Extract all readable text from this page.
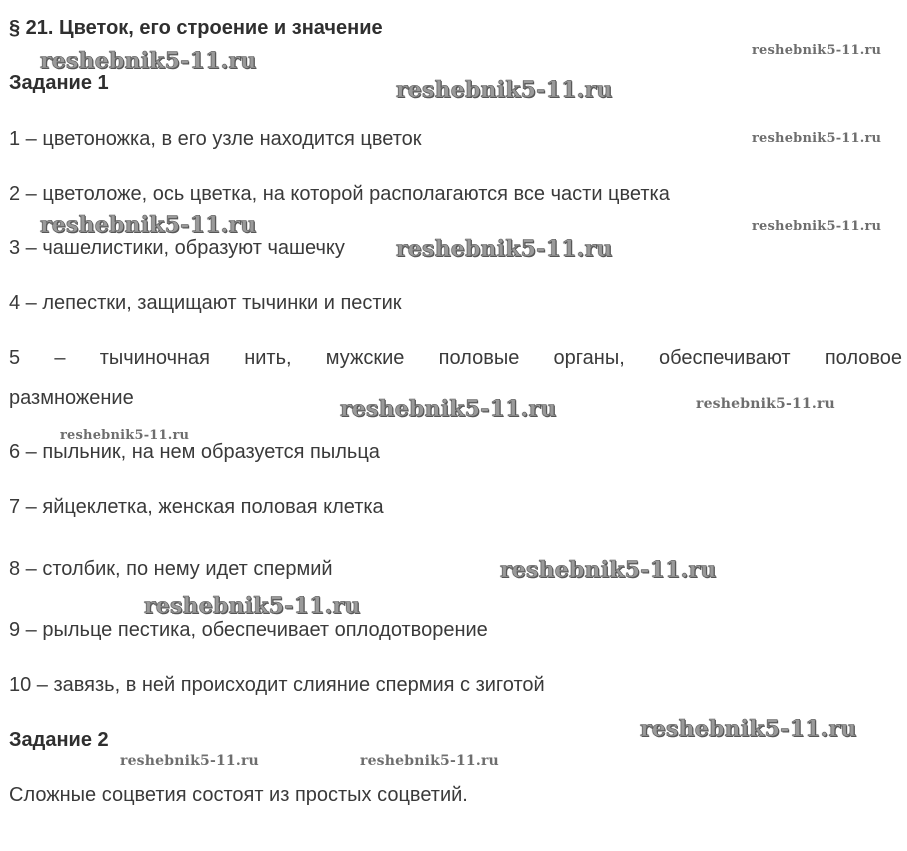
§ 21. Цветок, его строение и значение
Задание 1
1 – цветоножка, в его узле находится цветок
2 – цветоложе, ось цветка, на которой располагаются все части цветка
3 – чашелистики, образуют чашечку
4 – лепестки, защищают тычинки и пестик
5 – тычиночная нить, мужские половые органы, обеспечивают половое
размножение
6 – пыльник, на нем образуется пыльца
7 – яйцеклетка, женская половая клетка
8 – столбик, по нему идет спермий
9 – рыльце пестика, обеспечивает оплодотворение
10 – завязь, в ней происходит слияние спермия с зиготой
Задание 2
Сложные соцветия состоят из простых соцветий.
reshebnik5-11.ru	reshebnik5-11.ru
reshebnik5-11.ru
reshebnik5-11.ru
reshebnik5-11.ru	reshebnik5-11.ru
reshebnik5-11.ru
reshebnik5-11.ru	reshebnik5-11.ru
reshebnik5-11.ru
reshebnik5-11.ru
reshebnik5-11.ru
reshebnik5-11.ru
reshebnik5-11.ru	reshebnik5-11.ru
